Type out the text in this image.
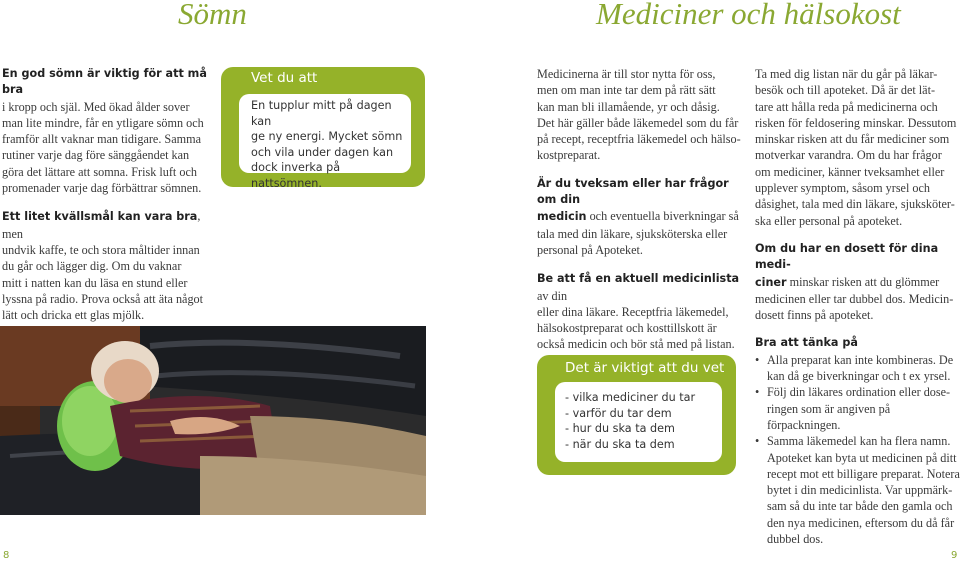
Sömn	Mediciner och hälsokost

En god sömn är viktig för att må bra

i kropp och själ. Med ökad ålder sover

man lite mindre, får en ytligare sömn och

framför allt vaknar man tidigare. Samma

rutiner varje dag före sänggåendet kan

göra det lättare att somna. Frisk luft och

promenader varje dag förbättrar sömnen.

Ett litet kvällsmål kan vara bra, men

undvik kaffe, te och stora måltider innan

du går och lägger dig. Om du vaknar

mitt i natten kan du läsa en stund eller

lyssna på radio. Prova också att äta något

lätt och dricka ett glas mjölk.

Vet du att
En tupplur mitt på dagen kan
ge ny energi. Mycket sömn
och vila under dagen kan
dock inverka på nattsömnen.

Medicinerna är till stor nytta för oss,

men om man inte tar dem på rätt sätt

kan man bli illamående, yr och dåsig.

Det här gäller både läkemedel som du får

på recept, receptfria läkemedel och hälso-

kostpreparat.

Är du tveksam eller har frågor om din

medicin och eventuella biverkningar så

tala med din läkare, sjuksköterska eller

personal på Apoteket.

Be att få en aktuell medicinlista av din

eller dina läkare. Receptfria läkemedel,

hälsokostpreparat och kosttillskott är

också medicin och bör stå med på listan.

Det är viktigt att du vet
- vilka mediciner du tar
- varför du tar dem
- hur du ska ta dem
- när du ska ta dem

Ta med dig listan när du går på läkar-

besök och till apoteket. Då är det lät-

tare att hålla reda på medicinerna och

risken för feldosering minskar. Dessutom

minskar risken att du får mediciner som

motverkar varandra. Om du har frågor

om mediciner, känner tveksamhet eller

upplever symptom, såsom yrsel och

dåsighet, tala med din läkare, sjuksköter-

ska eller personal på apoteket.

Om du har en dosett för dina medi-

ciner minskar risken att du glömmer

medicinen eller tar dubbel dos. Medicin-

dosett finns på apoteket.

Bra att tänka på

• Alla preparat kan inte kombineras. De
kan då ge biverkningar och t ex yrsel.
• Följ din läkares ordination eller dose-
ringen som är angiven på förpackningen.
• Samma läkemedel kan ha flera namn.
Apoteket kan byta ut medicinen på ditt
recept mot ett billigare preparat. Notera
bytet i din medicinlista. Var uppmärk-
sam så du inte tar både den gamla och
den nya medicinen, eftersom du då får
dubbel dos.
8	9
